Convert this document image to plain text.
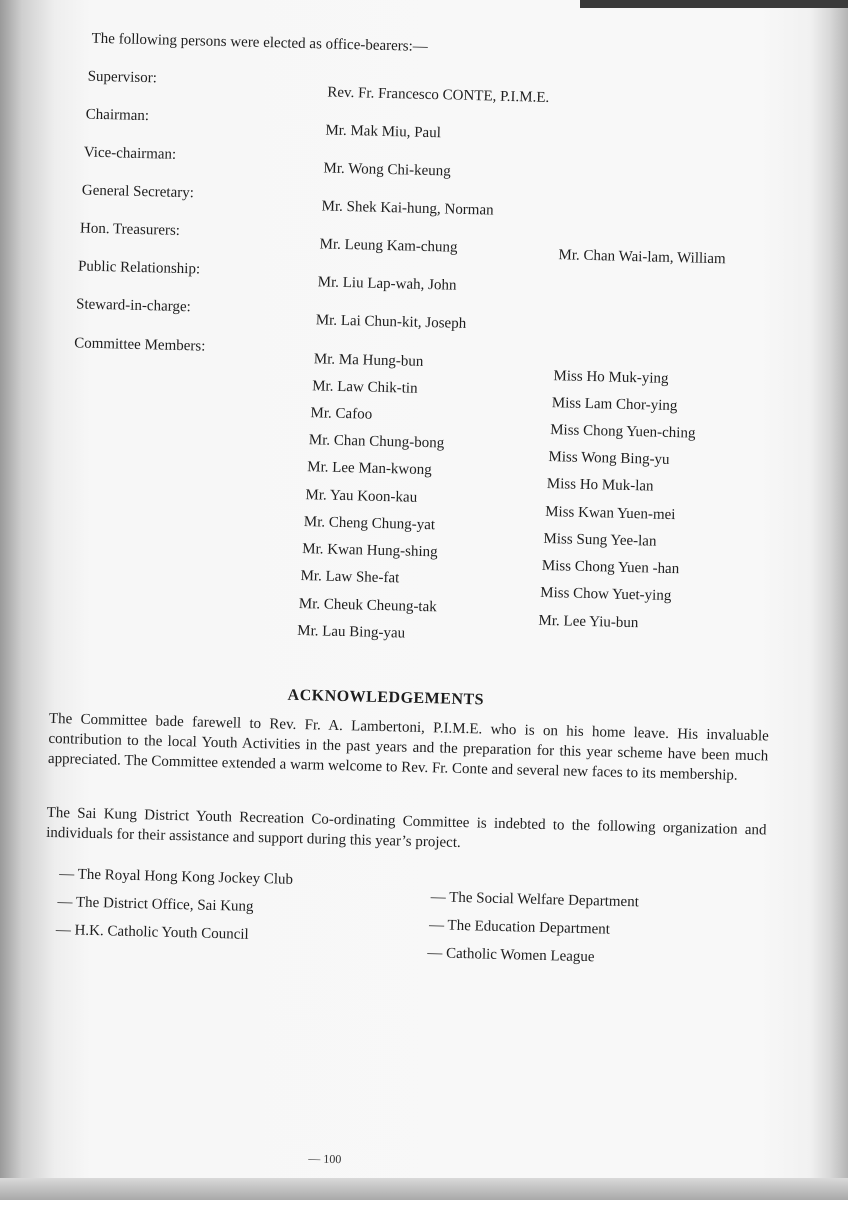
The following persons were elected as office-bearers:—
Supervisor:
Rev. Fr. Francesco CONTE, P.I.M.E.
Chairman:
Mr. Mak Miu, Paul
Vice-chairman:
Mr. Wong Chi-keung
General Secretary:
Mr. Shek Kai-hung, Norman
Hon. Treasurers:
Mr. Leung Kam-chung
Mr. Chan Wai-lam, William
Public Relationship:
Mr. Liu Lap-wah, John
Steward-in-charge:
Mr. Lai Chun-kit, Joseph
Committee Members:
Mr. Ma Hung-bun
Mr. Law Chik-tin
Mr. Cafoo
Mr. Chan Chung-bong
Mr. Lee Man-kwong
Mr. Yau Koon-kau
Mr. Cheng Chung-yat
Mr. Kwan Hung-shing
Mr. Law She-fat
Mr. Cheuk Cheung-tak
Mr. Lau Bing-yau
Miss Ho Muk-ying
Miss Lam Chor-ying
Miss Chong Yuen-ching
Miss Wong Bing-yu
Miss Ho Muk-lan
Miss Kwan Yuen-mei
Miss Sung Yee-lan
Miss Chong Yuen -han
Miss Chow Yuet-ying
Mr. Lee Yiu-bun
ACKNOWLEDGEMENTS
The Committee bade farewell to Rev. Fr. A. Lambertoni, P.I.M.E. who is on his home leave. His invaluable contribution to the local Youth Activities in the past years and the preparation for this year scheme have been much appreciated. The Committee extended a warm welcome to Rev. Fr. Conte and several new faces to its membership.
The Sai Kung District Youth Recreation Co-ordinating Committee is indebted to the following organization and individuals for their assistance and support during this year’s project.
— The Royal Hong Kong Jockey Club
— The District Office, Sai Kung
— H.K. Catholic Youth Council
— The Social Welfare Department
— The Education Department
— Catholic Women League
— 100
